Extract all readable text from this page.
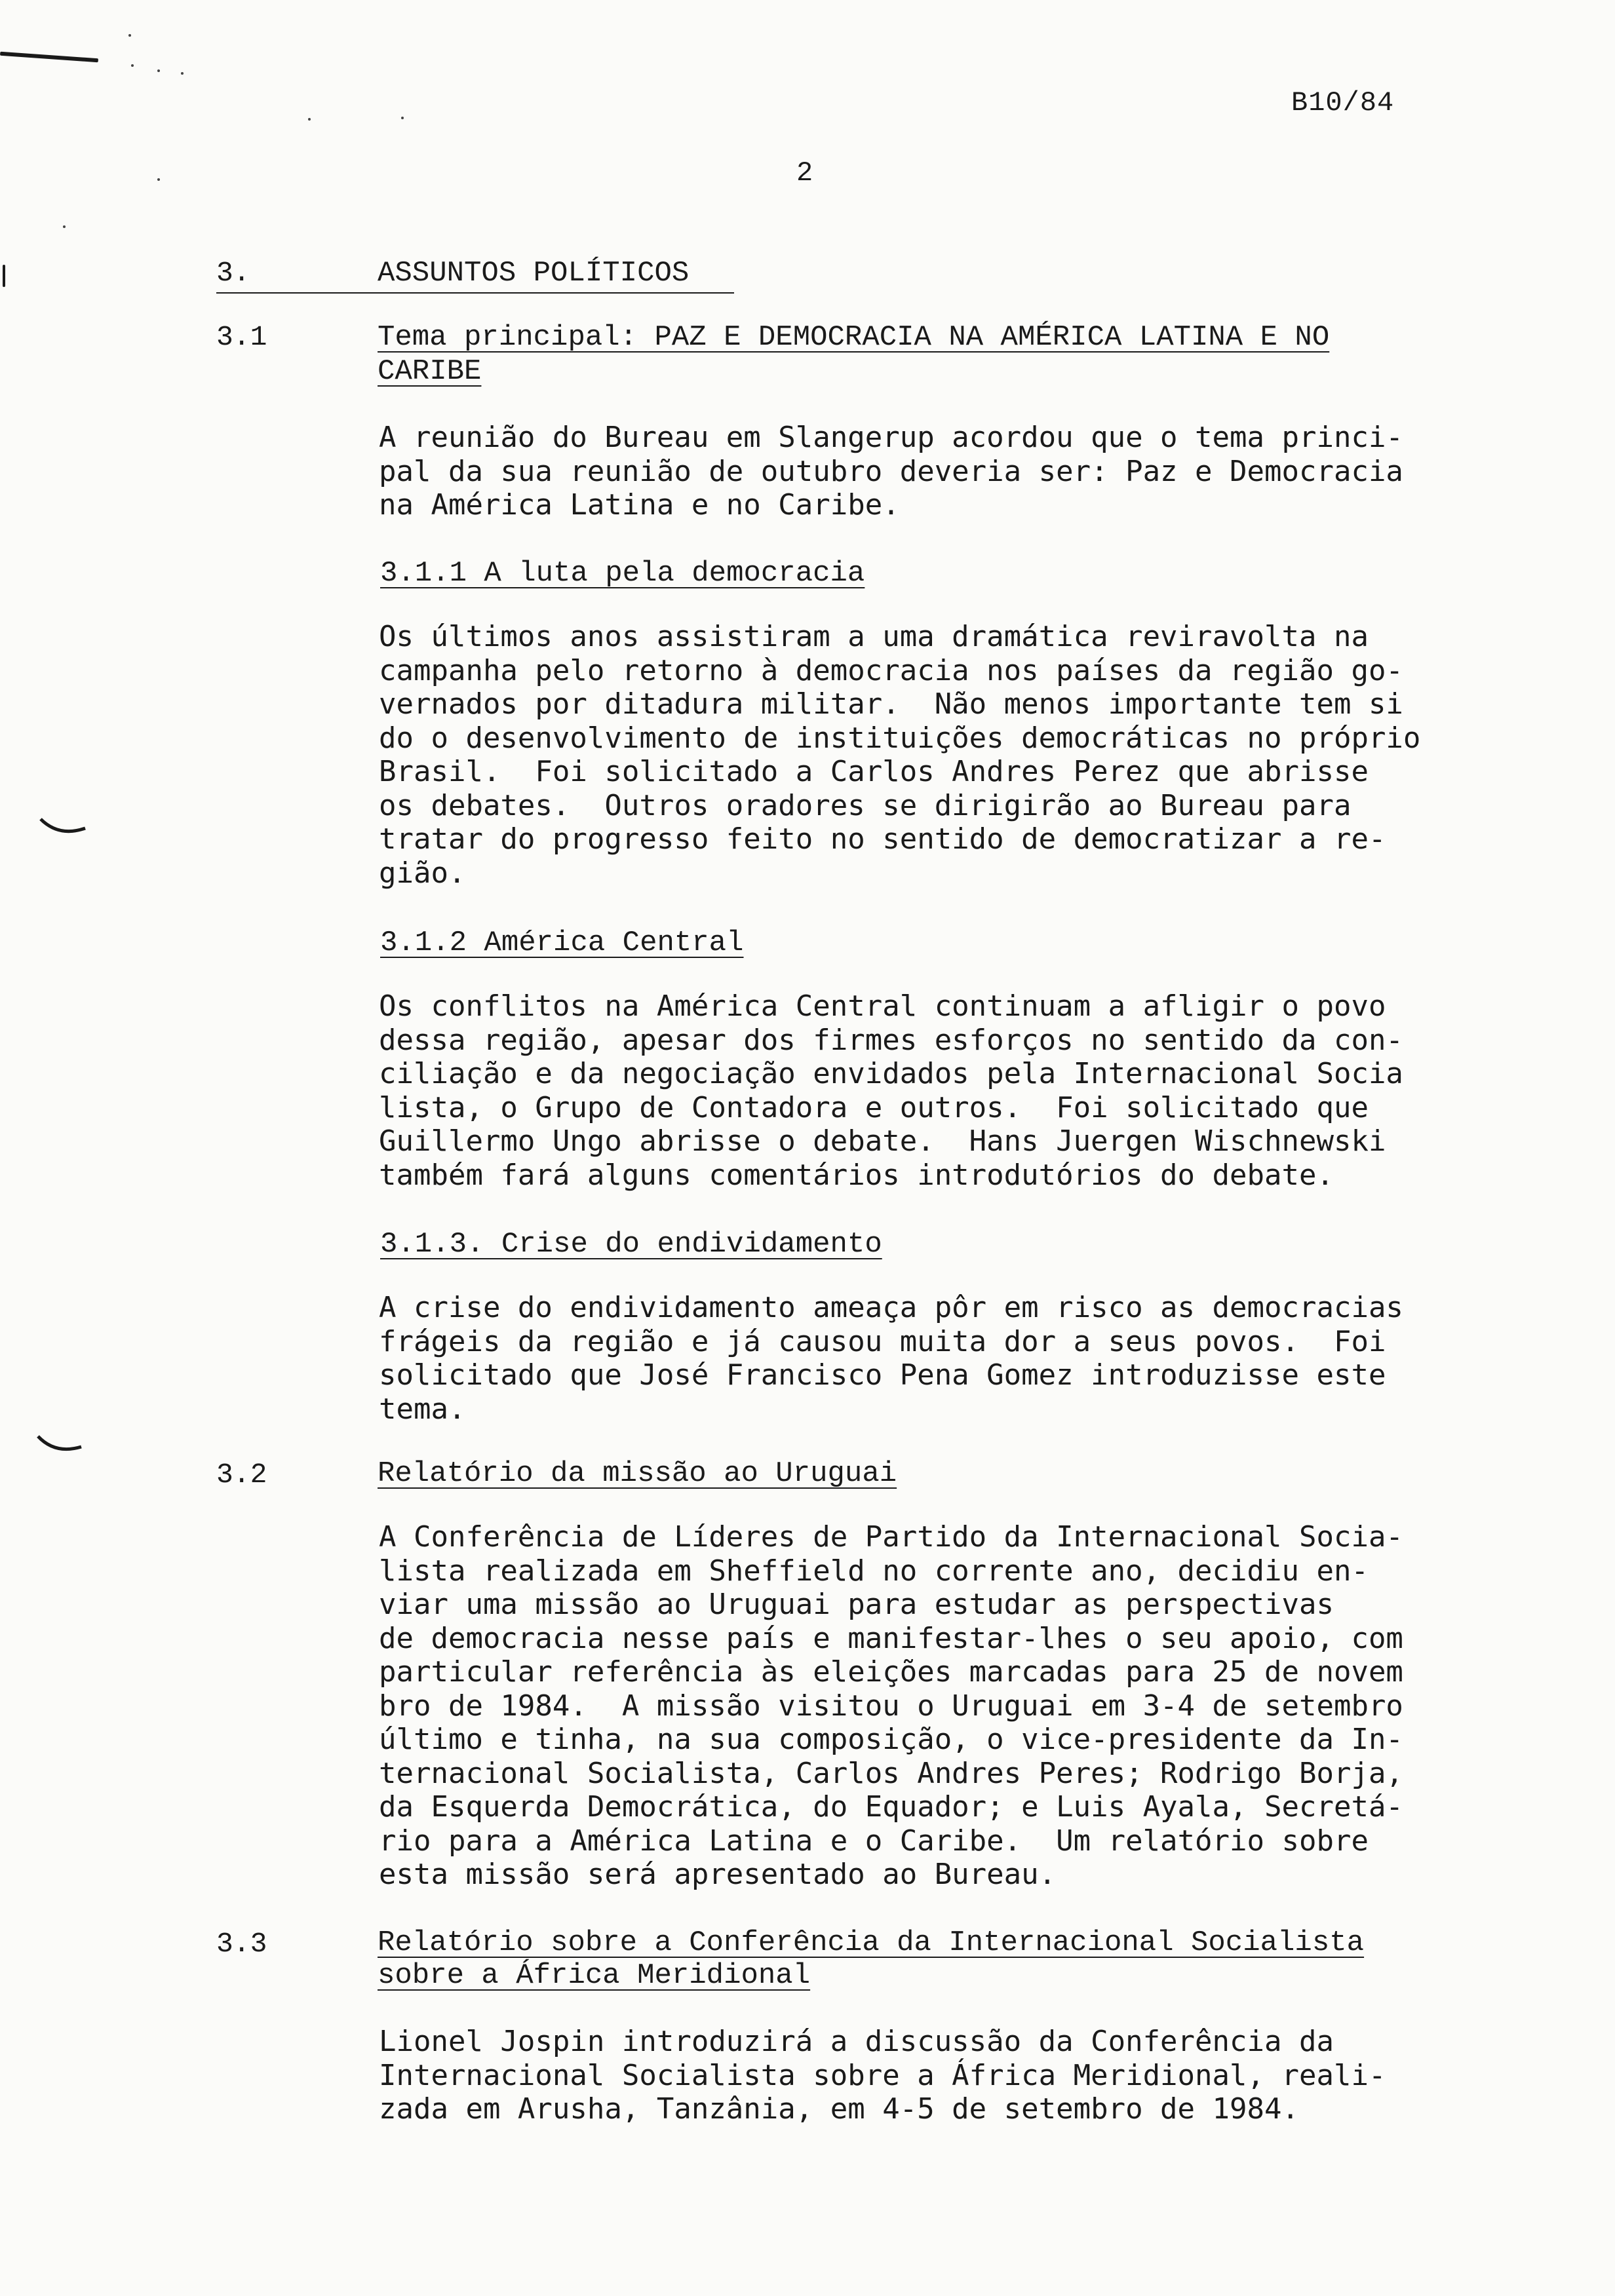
B10/84
2
3.	ASSUNTOS POLÍTICOS
3.1	Tema principal: PAZ E DEMOCRACIA NA AMÉRICA LATINA E NO
CARIBE
A reunião do Bureau em Slangerup acordou que o tema princi-
pal da sua reunião de outubro deveria ser: Paz e Democracia
na América Latina e no Caribe.
3.1.1 A luta pela democracia
Os últimos anos assistiram a uma dramática reviravolta na
campanha pelo retorno à democracia nos países da região go-
vernados por ditadura militar.  Não menos importante tem si
do o desenvolvimento de instituições democráticas no próprio
Brasil.  Foi solicitado a Carlos Andres Perez que abrisse
os debates.  Outros oradores se dirigirão ao Bureau para
tratar do progresso feito no sentido de democratizar a re-
gião.
3.1.2 América Central
Os conflitos na América Central continuam a afligir o povo
dessa região, apesar dos firmes esforços no sentido da con-
ciliação e da negociação envidados pela Internacional Socia
lista, o Grupo de Contadora e outros.  Foi solicitado que
Guillermo Ungo abrisse o debate.  Hans Juergen Wischnewski
também fará alguns comentários introdutórios do debate.
3.1.3. Crise do endividamento
A crise do endividamento ameaça pôr em risco as democracias
frágeis da região e já causou muita dor a seus povos.  Foi
solicitado que José Francisco Pena Gomez introduzisse este
tema.
3.2	Relatório da missão ao Uruguai
A Conferência de Líderes de Partido da Internacional Socia-
lista realizada em Sheffield no corrente ano, decidiu en-
viar uma missão ao Uruguai para estudar as perspectivas
de democracia nesse país e manifestar-lhes o seu apoio, com
particular referência às eleições marcadas para 25 de novem
bro de 1984.  A missão visitou o Uruguai em 3-4 de setembro
último e tinha, na sua composição, o vice-presidente da In-
ternacional Socialista, Carlos Andres Peres; Rodrigo Borja,
da Esquerda Democrática, do Equador; e Luis Ayala, Secretá-
rio para a América Latina e o Caribe.  Um relatório sobre
esta missão será apresentado ao Bureau.
3.3	Relatório sobre a Conferência da Internacional Socialista
sobre a África Meridional
Lionel Jospin introduzirá a discussão da Conferência da
Internacional Socialista sobre a África Meridional, reali-
zada em Arusha, Tanzânia, em 4-5 de setembro de 1984.
